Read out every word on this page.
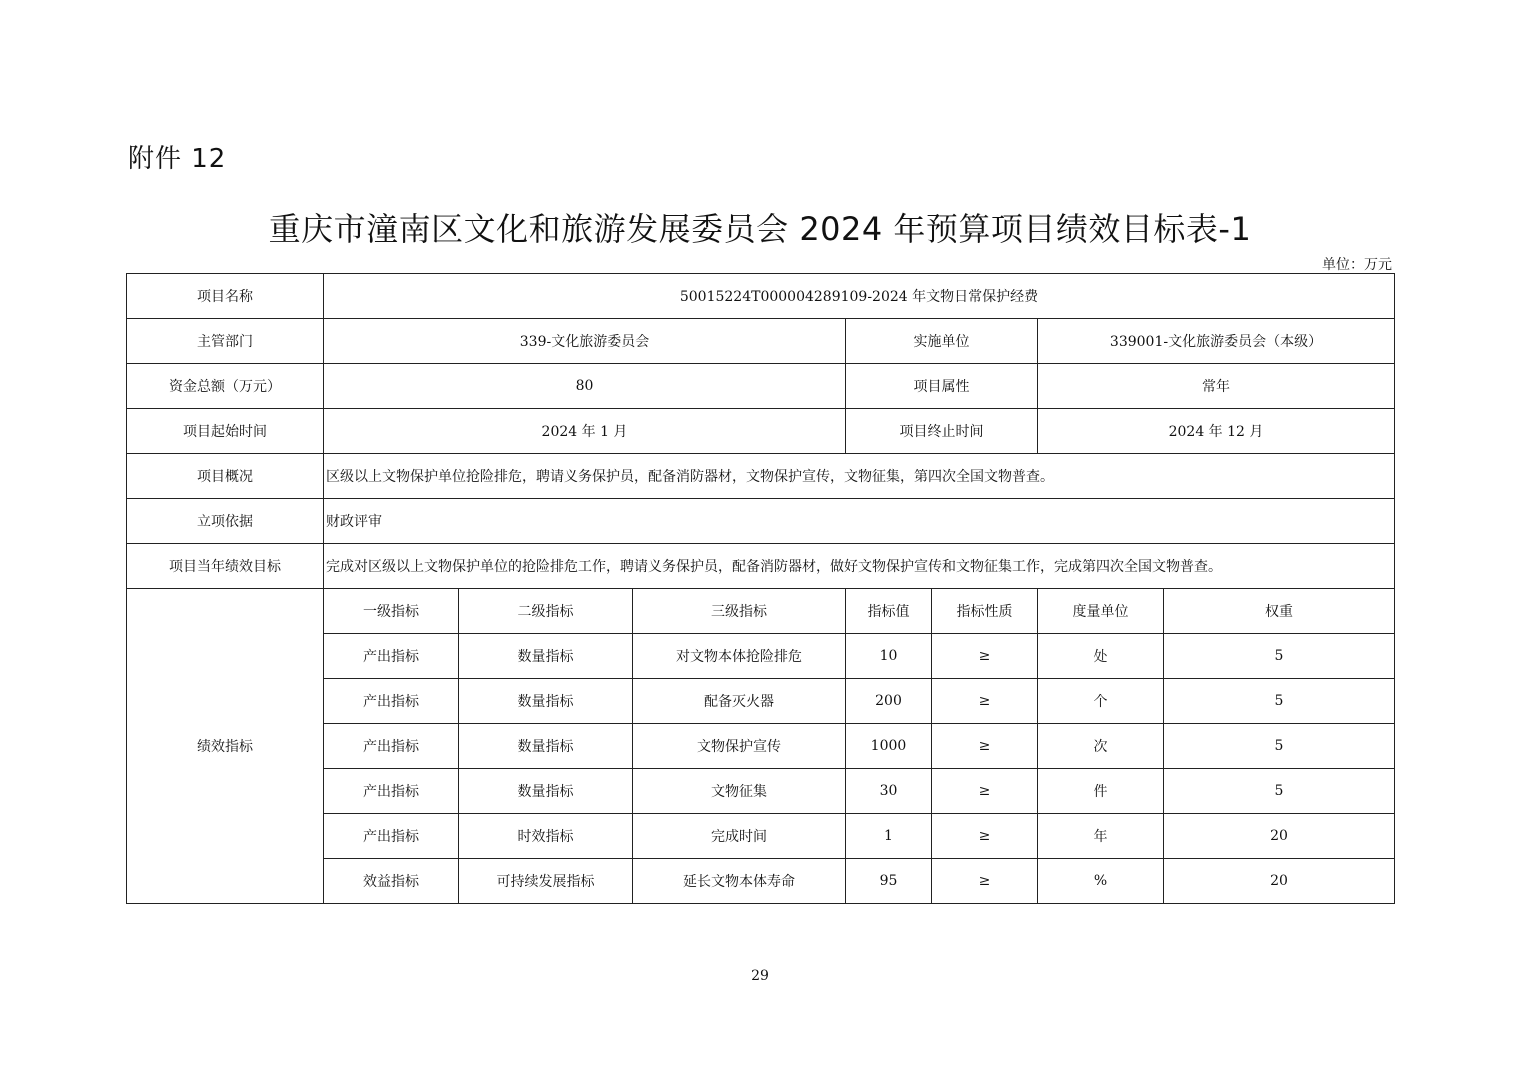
附件 12
重庆市潼南区文化和旅游发展委员会 2024 年预算项目绩效目标表-1
单位：万元
项目名称	50015224T000004289109-2024 年文物日常保护经费						
主管部门	339-文化旅游委员会			实施单位		339001-文化旅游委员会（本级）	
资金总额（万元）	80			项目属性		常年	
项目起始时间	2024 年 1 月			项目终止时间		2024 年 12 月	
项目概况	区级以上文物保护单位抢险排危，聘请义务保护员，配备消防器材，文物保护宣传，文物征集，第四次全国文物普查。						
立项依据	财政评审						
项目当年绩效目标	完成对区级以上文物保护单位的抢险排危工作，聘请义务保护员，配备消防器材，做好文物保护宣传和文物征集工作，完成第四次全国文物普查。						
绩效指标	一级指标	二级指标	三级指标	指标值	指标性质	度量单位	权重
	产出指标	数量指标	对文物本体抢险排危	10	≥	处	5
	产出指标	数量指标	配备灭火器	200	≥	个	5
	产出指标	数量指标	文物保护宣传	1000	≥	次	5
	产出指标	数量指标	文物征集	30	≥	件	5
	产出指标	时效指标	完成时间	1	≥	年	20
	效益指标	可持续发展指标	延长文物本体寿命	95	≥	%	20
29
